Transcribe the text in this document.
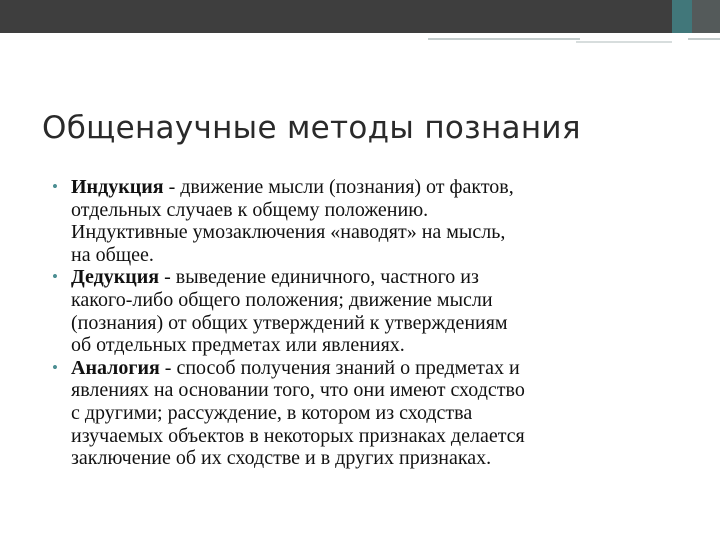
Общенаучные методы познания
• Индукция - движение мысли (познания) от фактов,
отдельных случаев к общему положению.
Индуктивные умозаключения «наводят» на мысль,
на общее.
• Дедукция - выведение единичного, частного из
какого-либо общего положения; движение мысли
(познания) от общих утверждений к утверждениям
об отдельных предметах или явлениях.
• Аналогия - способ получения знаний о предметах и
явлениях на основании того, что они имеют сходство
с другими; рассуждение, в котором из сходства
изучаемых объектов в некоторых признаках делается
заключение об их сходстве и в других признаках.
